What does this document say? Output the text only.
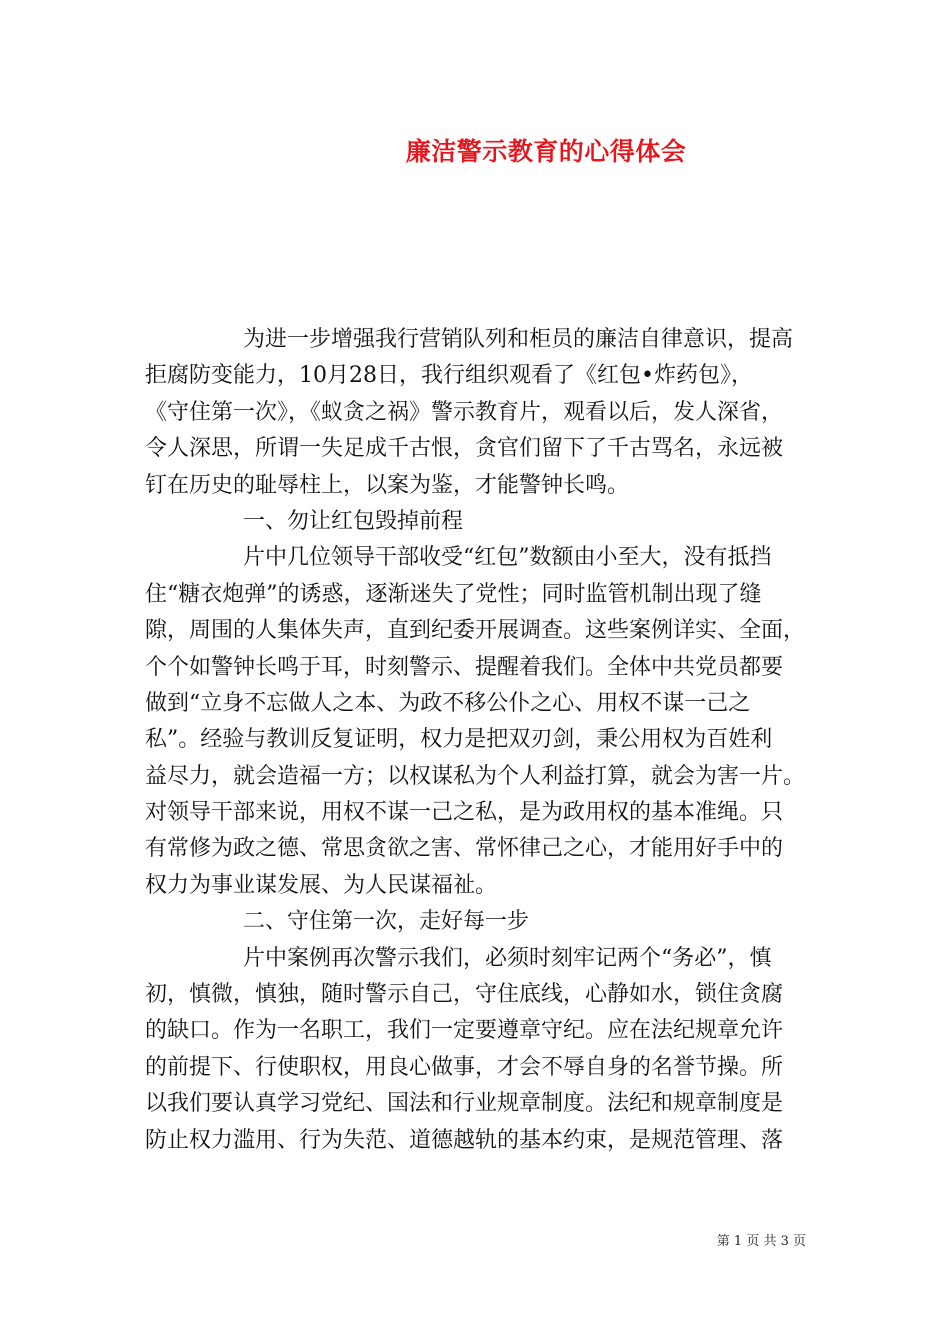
廉洁警示教育的心得体会
为进一步增强我行营销队列和柜员的廉洁自律意识，提高
拒腐防变能力，10月28日，我行组织观看了《红包•炸药包》，
《守住第一次》，《蚁贪之祸》警示教育片，观看以后，发人深省，
令人深思，所谓一失足成千古恨，贪官们留下了千古骂名，永远被
钉在历史的耻辱柱上，以案为鉴，才能警钟长鸣。
一、勿让红包毁掉前程
片中几位领导干部收受“红包”数额由小至大，没有抵挡
住“糖衣炮弹”的诱惑，逐渐迷失了党性；同时监管机制出现了缝
隙，周围的人集体失声，直到纪委开展调查。这些案例详实、全面，
个个如警钟长鸣于耳，时刻警示、提醒着我们。全体中共党员都要
做到“立身不忘做人之本、为政不移公仆之心、用权不谋一己之
私”。经验与教训反复证明，权力是把双刃剑，秉公用权为百姓利
益尽力，就会造福一方；以权谋私为个人利益打算，就会为害一片。
对领导干部来说，用权不谋一己之私，是为政用权的基本准绳。只
有常修为政之德、常思贪欲之害、常怀律己之心，才能用好手中的
权力为事业谋发展、为人民谋福祉。
二、守住第一次，走好每一步
片中案例再次警示我们，必须时刻牢记两个“务必”，慎
初，慎微，慎独，随时警示自己，守住底线，心静如水，锁住贪腐
的缺口。作为一名职工，我们一定要遵章守纪。应在法纪规章允许
的前提下、行使职权，用良心做事，才会不辱自身的名誉节操。所
以我们要认真学习党纪、国法和行业规章制度。法纪和规章制度是
防止权力滥用、行为失范、道德越轨的基本约束，是规范管理、落
第 1 页 共 3 页
